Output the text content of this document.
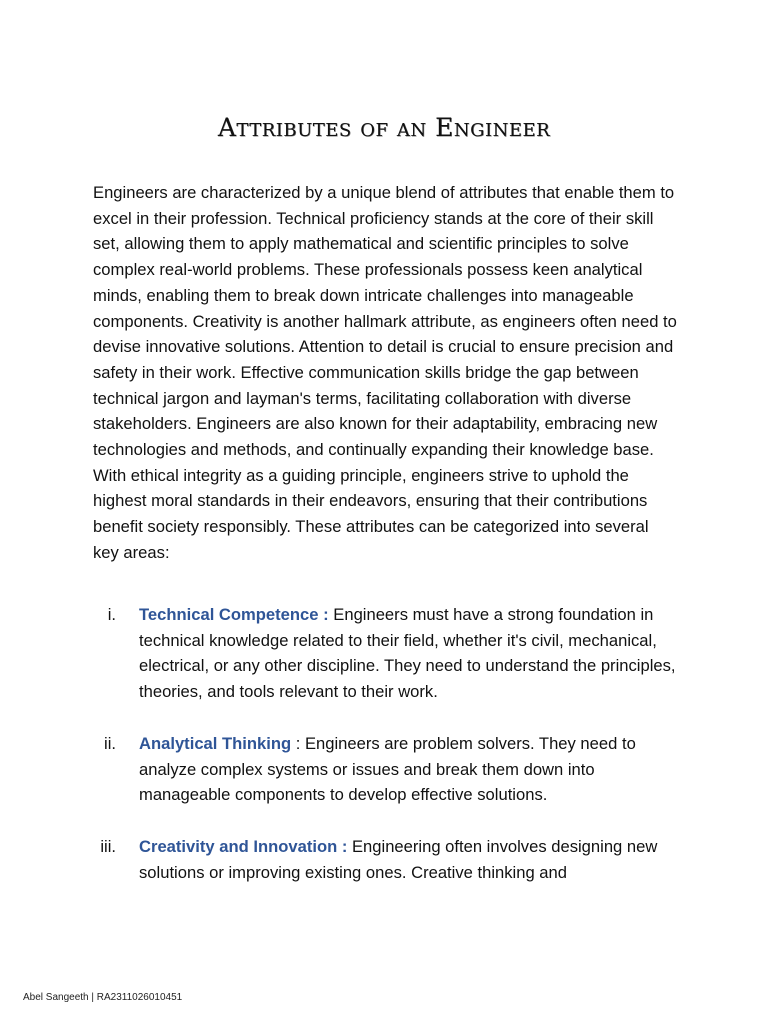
Attributes of an Engineer

Engineers are characterized by a unique blend of attributes that enable them to excel in their profession. Technical proficiency stands at the core of their skill set, allowing them to apply mathematical and scientific principles to solve complex real-world problems. These professionals possess keen analytical minds, enabling them to break down intricate challenges into manageable components. Creativity is another hallmark attribute, as engineers often need to devise innovative solutions. Attention to detail is crucial to ensure precision and safety in their work. Effective communication skills bridge the gap between technical jargon and layman's terms, facilitating collaboration with diverse stakeholders. Engineers are also known for their adaptability, embracing new technologies and methods, and continually expanding their knowledge base. With ethical integrity as a guiding principle, engineers strive to uphold the highest moral standards in their endeavors, ensuring that their contributions benefit society responsibly. These attributes can be categorized into several key areas:

i. Technical Competence : Engineers must have a strong foundation in technical knowledge related to their field, whether it's civil, mechanical, electrical, or any other discipline. They need to understand the principles, theories, and tools relevant to their work.
ii. Analytical Thinking : Engineers are problem solvers. They need to analyze complex systems or issues and break them down into manageable components to develop effective solutions.
iii. Creativity and Innovation : Engineering often involves designing new solutions or improving existing ones. Creative thinking and
Abel Sangeeth | RA2311026010451
